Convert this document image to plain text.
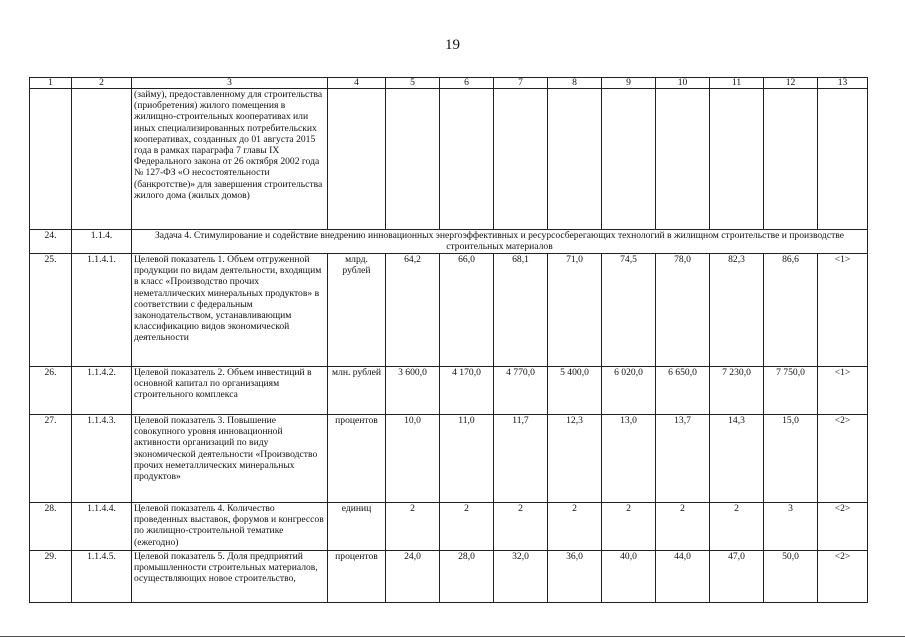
19
1	2	3	4	5	6	7	8	9	10	11	12	13
		(займу), предоставленному для строительства (приобретения) жилого помещения в жилищно-строительных кооперативах или иных специализированных потребительских кооперативах, созданных до 01 августа 2015 года в рамках параграфа 7 главы IX Федерального закона от 26 октября 2002 года № 127-ФЗ «О несостоятельности (банкротстве)» для завершения строительства жилого дома (жилых домов)										
24.	1.1.4.	Задача 4. Стимулирование и содействие внедрению инновационных энергоэффективных и ресурсосберегающих технологий в жилищном строительстве и производстве строительных материалов										
25.	1.1.4.1.	Целевой показатель 1. Объем отгруженной продукции по видам деятельности, входящим в класс «Производство прочих неметаллических минеральных продуктов» в соответствии с федеральным законодательством, устанавливающим классификацию видов экономической деятельности	млрд. рублей	64,2	66,0	68,1	71,0	74,5	78,0	82,3	86,6	<1>
26.	1.1.4.2.	Целевой показатель 2. Объем инвестиций в основной капитал по организациям строительного комплекса	млн. рублей	3 600,0	4 170,0	4 770,0	5 400,0	6 020,0	6 650,0	7 230,0	7 750,0	<1>
27.	1.1.4.3.	Целевой показатель 3. Повышение совокупного уровня инновационной активности организаций по виду экономической деятельности «Производство прочих неметаллических минеральных продуктов»	процентов	10,0	11,0	11,7	12,3	13,0	13,7	14,3	15,0	<2>
28.	1.1.4.4.	Целевой показатель 4. Количество проведенных выставок, форумов и конгрессов по жилищно-строительной тематике (ежегодно)	единиц	2	2	2	2	2	2	2	3	<2>
29.	1.1.4.5.	Целевой показатель 5. Доля предприятий промышленности строительных материалов, осуществляющих новое строительство,	процентов	24,0	28,0	32,0	36,0	40,0	44,0	47,0	50,0	<2>
